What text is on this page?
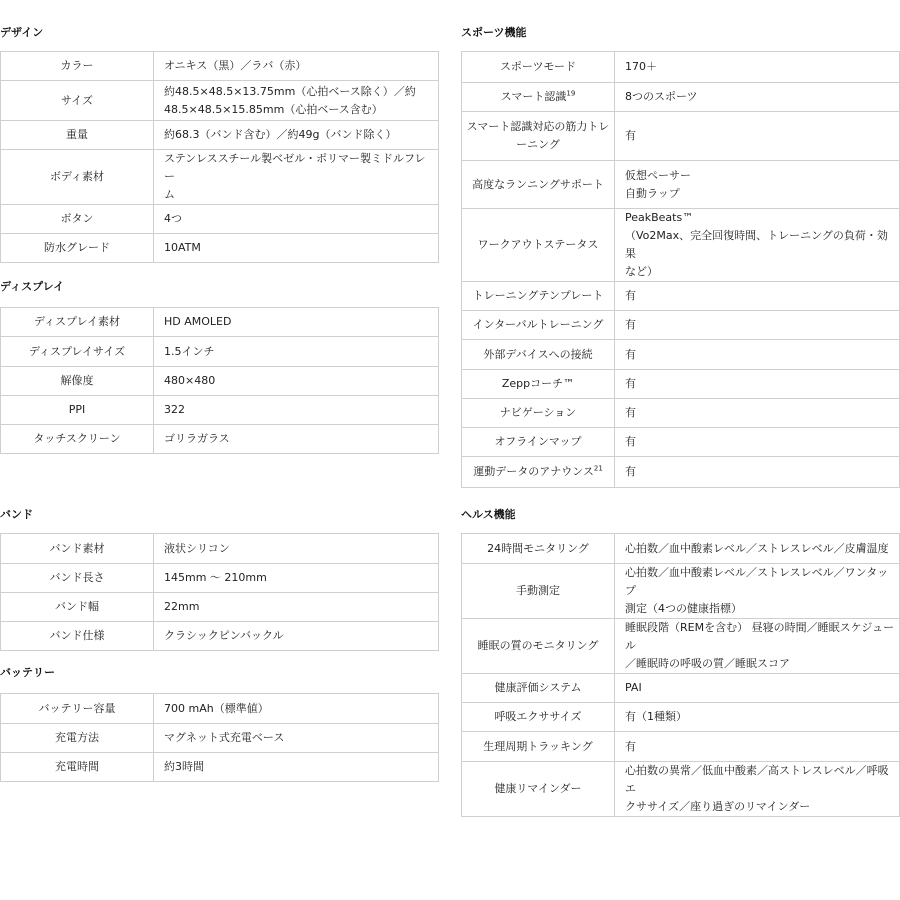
デザイン
カラー	オニキス（黒）／ラバ（赤）

サイズ	約48.5×48.5×13.75mm（心拍ベース除く）／約
48.5×48.5×15.85mm（心拍ベース含む）

重量	約68.3（バンド含む）／約49g（バンド除く）

ボディ素材	ステンレススチール製ベゼル・ポリマー製ミドルフレー
ム

ボタン	4つ

防水グレード	10ATM
ディスプレイ
ディスプレイ素材	HD AMOLED

ディスプレイサイズ	1.5インチ

解像度	480×480

PPI	322

タッチスクリーン	ゴリラガラス
バンド
バンド素材	液状シリコン

バンド長さ	145mm ～ 210mm

バンド幅	22mm

バンド仕様	クラシックピンバックル
バッテリー
バッテリー容量	700 mAh（標準値）

充電方法	マグネット式充電ベース

充電時間	約3時間
スポーツ機能
スポーツモード	170＋

スマート認識$^{19}$	8つのスポーツ

スマート認識対応の筋力トレーニング	有

高度なランニングサポート	仮想ペーサー
自動ラップ

ワークアウトステータス	PeakBeats™
（Vo2Max、完全回復時間、トレーニングの負荷・効果
など）

トレーニングテンプレート	有

インターバルトレーニング	有

外部デバイスへの接続	有

Zeppコーチ™	有

ナビゲーション	有

オフラインマップ	有

運動データのアナウンス$^{21}$	有
ヘルス機能
24時間モニタリング	心拍数／血中酸素レベル／ストレスレベル／皮膚温度

手動測定	心拍数／血中酸素レベル／ストレスレベル／ワンタップ
測定（4つの健康指標）

睡眠の質のモニタリング	睡眠段階（REMを含む） 昼寝の時間／睡眠スケジュール
／睡眠時の呼吸の質／睡眠スコア

健康評価システム	PAI

呼吸エクササイズ	有（1種類）

生理周期トラッキング	有

健康リマインダー	心拍数の異常／低血中酸素／高ストレスレベル／呼吸エ
クササイズ／座り過ぎのリマインダー
